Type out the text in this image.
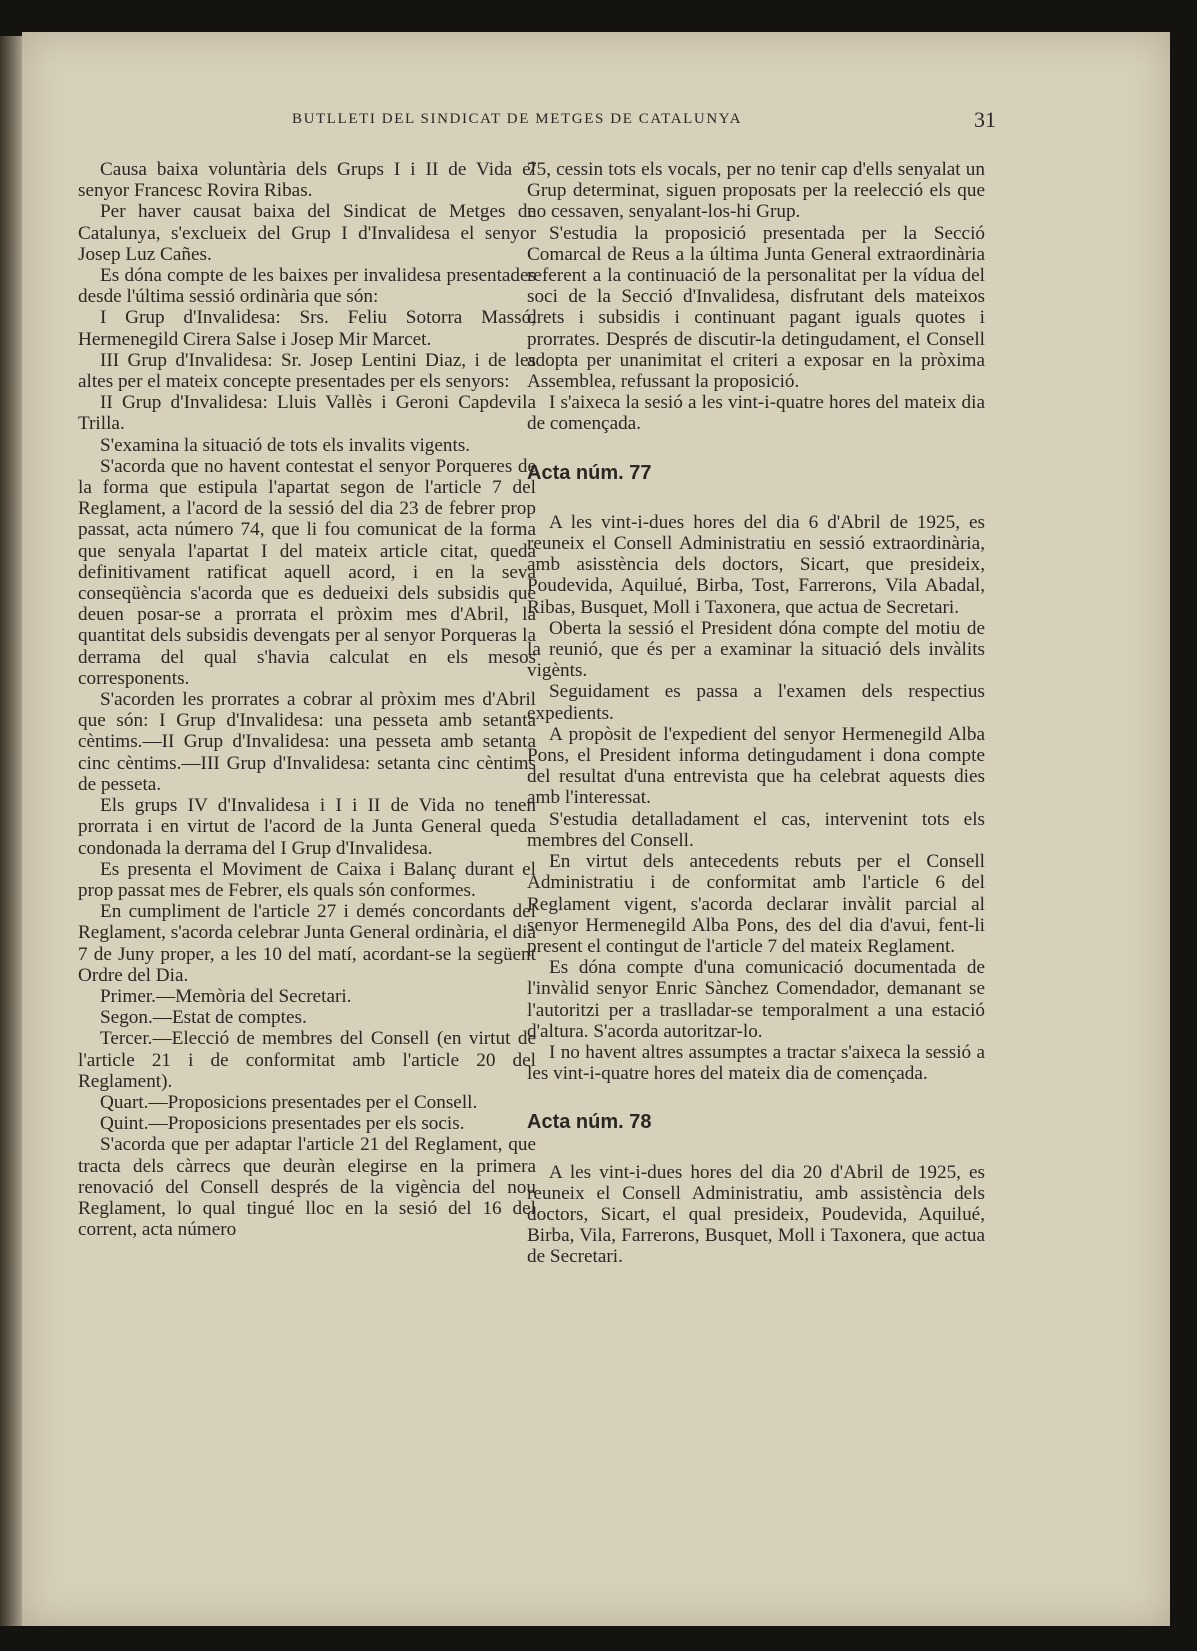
BUTLLETI DEL SINDICAT DE METGES DE CATALUNYA	31

Causa baixa voluntària dels Grups I i II de Vida el senyor Francesc Rovira Ribas.

Per haver causat baixa del Sindicat de Metges de Catalunya, s'exclueix del Grup I d'Invalidesa el senyor Josep Luz Cañes.

Es dóna compte de les baixes per invalidesa presentades desde l'última sessió ordinària que són:

I Grup d'Invalidesa: Srs. Feliu Sotorra Massó, Hermenegild Cirera Salse i Josep Mir Marcet.

III Grup d'Invalidesa: Sr. Josep Lentini Diaz, i de les altes per el mateix concepte presentades per els senyors:

II Grup d'Invalidesa: Lluis Vallès i Geroni Capdevila Trilla.

S'examina la situació de tots els invalits vigents.

S'acorda que no havent contestat el senyor Porqueres de la forma que estipula l'apartat segon de l'article 7 del Reglament, a l'acord de la sessió del dia 23 de febrer prop passat, acta número 74, que li fou comunicat de la forma que senyala l'apartat I del mateix article citat, queda definitivament ratificat aquell acord, i en la seva conseqüència s'acorda que es dedueixi dels subsidis que deuen posar-se a prorrata el pròxim mes d'Abril, la quantitat dels subsidis devengats per al senyor Porqueras la derrama del qual s'havia calculat en els mesos corresponents.

S'acorden les prorrates a cobrar al pròxim mes d'Abril que són: I Grup d'Invalidesa: una pesseta amb setanta cèntims.—II Grup d'Invalidesa: una pesseta amb setanta cinc cèntims.—III Grup d'Invalidesa: setanta cinc cèntims de pesseta.

Els grups IV d'Invalidesa i I i II de Vida no tenen prorrata i en virtut de l'acord de la Junta General queda condonada la derrama del I Grup d'Invalidesa.

Es presenta el Moviment de Caixa i Balanç durant el prop passat mes de Febrer, els quals són conformes.

En cumpliment de l'article 27 i demés concordants del Reglament, s'acorda celebrar Junta General ordinària, el dia 7 de Juny proper, a les 10 del matí, acordant-se la següent Ordre del Dia.

Primer.—Memòria del Secretari.

Segon.—Estat de comptes.

Tercer.—Elecció de membres del Consell (en virtut de l'article 21 i de conformitat amb l'article 20 del Reglament).

Quart.—Proposicions presentades per el Consell.

Quint.—Proposicions presentades per els socis.

S'acorda que per adaptar l'article 21 del Reglament, que tracta dels càrrecs que deuràn elegirse en la primera renovació del Consell després de la vigència del nou Reglament, lo qual tingué lloc en la sesió del 16 del corrent, acta número

75, cessin tots els vocals, per no tenir cap d'ells senyalat un Grup determinat, siguen proposats per la reelecció els que no cessaven, senyalant-los-hi Grup.

S'estudia la proposició presentada per la Secció Comarcal de Reus a la última Junta General extraordinària referent a la continuació de la personalitat per la vídua del soci de la Secció d'Invalidesa, disfrutant dels mateixos drets i subsidis i continuant pagant iguals quotes i prorrates. Després de discutir-la detingudament, el Consell adopta per unanimitat el criteri a exposar en la pròxima Assemblea, refussant la proposició.

I s'aixeca la sesió a les vint-i-quatre hores del mateix dia de començada.

Acta núm. 77

A les vint-i-dues hores del dia 6 d'Abril de 1925, es reuneix el Consell Administratiu en sessió extraordinària, amb asisstència dels doctors, Sicart, que presideix, Poudevida, Aquilué, Birba, Tost, Farrerons, Vila Abadal, Ribas, Busquet, Moll i Taxonera, que actua de Secretari.

Oberta la sessió el President dóna compte del motiu de la reunió, que és per a examinar la situació dels invàlits vigènts.

Seguidament es passa a l'examen dels respectius expedients.

A propòsit de l'expedient del senyor Hermenegild Alba Pons, el President informa detingudament i dona compte del resultat d'una entrevista que ha celebrat aquests dies amb l'interessat.

S'estudia detalladament el cas, intervenint tots els membres del Consell.

En virtut dels antecedents rebuts per el Consell Administratiu i de conformitat amb l'article 6 del Reglament vigent, s'acorda declarar invàlit parcial al senyor Hermenegild Alba Pons, des del dia d'avui, fent-li present el contingut de l'article 7 del mateix Reglament.

Es dóna compte d'una comunicació documentada de l'invàlid senyor Enric Sànchez Comendador, demanant se l'autoritzi per a traslladar-se temporalment a una estació d'altura. S'acorda autoritzar-lo.

I no havent altres assumptes a tractar s'aixeca la sessió a les vint-i-quatre hores del mateix dia de començada.

Acta núm. 78

A les vint-i-dues hores del dia 20 d'Abril de 1925, es reuneix el Consell Administratiu, amb assistència dels doctors, Sicart, el qual presideix, Poudevida, Aquilué, Birba, Vila, Farrerons, Busquet, Moll i Taxonera, que actua de Secretari.
